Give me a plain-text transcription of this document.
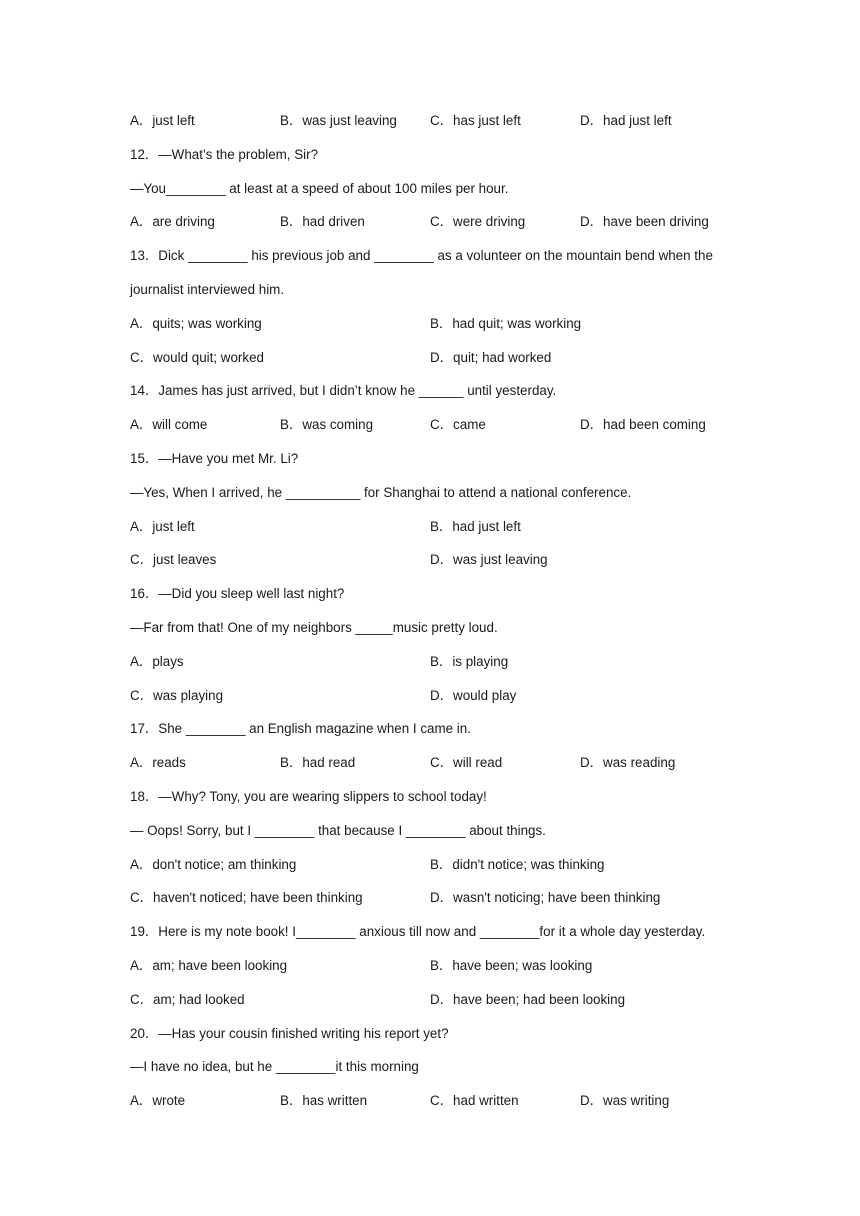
A．just left	B．was just leaving C．has just left	D．had just left
12．—What’s the problem, Sir?
—You________ at least at a speed of about 100 miles per hour.
A．are driving	B．had driven	C．were driving	D．have been driving
13．Dick ________ his previous job and ________ as a volunteer on the mountain bend when the
journalist interviewed him.
A．quits; was working	B．had quit; was working
C．would quit; worked	D．quit; had worked
14．James has just arrived, but I didn’t know he ______ until yesterday.
A．will come	B．was coming	C．came	D．had been coming
15．—Have you met Mr. Li?
—Yes, When I arrived, he __________ for Shanghai to attend a national conference.
A．just left	B．had just left
C．just leaves	D．was just leaving
16．—Did you sleep well last night?
—Far from that! One of my neighbors _____music pretty loud.
A．plays	B．is playing
C．was playing	D．would play
17．She ________ an English magazine when I came in.
A．reads	B．had read	C．will read	D．was reading
18．—Why? Tony, you are wearing slippers to school today!
— Oops! Sorry, but I ________ that because I ________ about things.
A．don't notice; am thinking	B．didn't notice; was thinking
C．haven't noticed; have been thinking	D．wasn't noticing; have been thinking
19．Here is my note book! I________ anxious till now and ________for it a whole day yesterday.
A．am; have been looking	B．have been; was looking
C．am; had looked	D．have been; had been looking
20．—Has your cousin finished writing his report yet?
—I have no idea, but he ________it this morning
A．wrote	B．has written	C．had written	D．was writing
